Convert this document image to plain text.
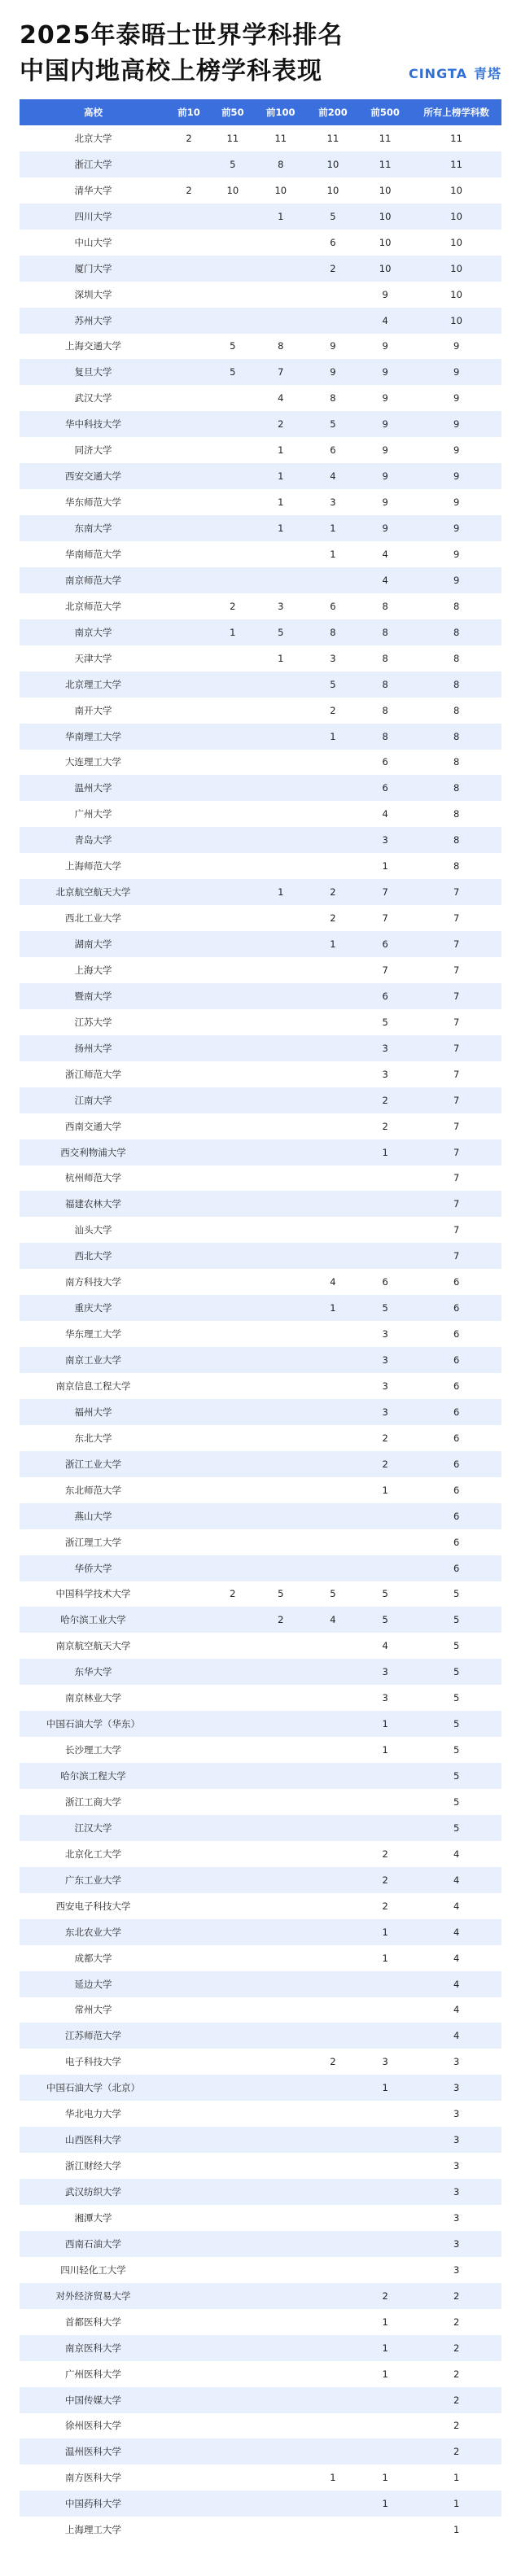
2025年泰晤士世界学科排名
中国内地高校上榜学科表现	CINGTA 青塔
高校	前10	前50	前100	前200	前500	所有上榜学科数
北京大学	2	11	11	11	11	11
浙江大学		5	8	10	11	11
清华大学	2	10	10	10	10	10
四川大学			1	5	10	10
中山大学				6	10	10
厦门大学				2	10	10
深圳大学					9	10
苏州大学					4	10
上海交通大学		5	8	9	9	9
复旦大学		5	7	9	9	9
武汉大学			4	8	9	9
华中科技大学			2	5	9	9
同济大学			1	6	9	9
西安交通大学			1	4	9	9
华东师范大学			1	3	9	9
东南大学			1	1	9	9
华南师范大学				1	4	9
南京师范大学					4	9
北京师范大学		2	3	6	8	8
南京大学		1	5	8	8	8
天津大学			1	3	8	8
北京理工大学				5	8	8
南开大学				2	8	8
华南理工大学				1	8	8
大连理工大学					6	8
温州大学					6	8
广州大学					4	8
青岛大学					3	8
上海师范大学					1	8
北京航空航天大学			1	2	7	7
西北工业大学				2	7	7
湖南大学				1	6	7
上海大学					7	7
暨南大学					6	7
江苏大学					5	7
扬州大学					3	7
浙江师范大学					3	7
江南大学					2	7
西南交通大学					2	7
西交利物浦大学					1	7
杭州师范大学						7
福建农林大学						7
汕头大学						7
西北大学						7
南方科技大学				4	6	6
重庆大学				1	5	6
华东理工大学					3	6
南京工业大学					3	6
南京信息工程大学					3	6
福州大学					3	6
东北大学					2	6
浙江工业大学					2	6
东北师范大学					1	6
燕山大学						6
浙江理工大学						6
华侨大学						6
中国科学技术大学		2	5	5	5	5
哈尔滨工业大学			2	4	5	5
南京航空航天大学					4	5
东华大学					3	5
南京林业大学					3	5
中国石油大学（华东）					1	5
长沙理工大学					1	5
哈尔滨工程大学						5
浙江工商大学						5
江汉大学						5
北京化工大学					2	4
广东工业大学					2	4
西安电子科技大学					2	4
东北农业大学					1	4
成都大学					1	4
延边大学						4
常州大学						4
江苏师范大学						4
电子科技大学				2	3	3
中国石油大学（北京）					1	3
华北电力大学						3
山西医科大学						3
浙江财经大学						3
武汉纺织大学						3
湘潭大学						3
西南石油大学						3
四川轻化工大学						3
对外经济贸易大学					2	2
首都医科大学					1	2
南京医科大学					1	2
广州医科大学					1	2
中国传媒大学						2
徐州医科大学						2
温州医科大学						2
南方医科大学				1	1	1
中国药科大学					1	1
上海理工大学						1
